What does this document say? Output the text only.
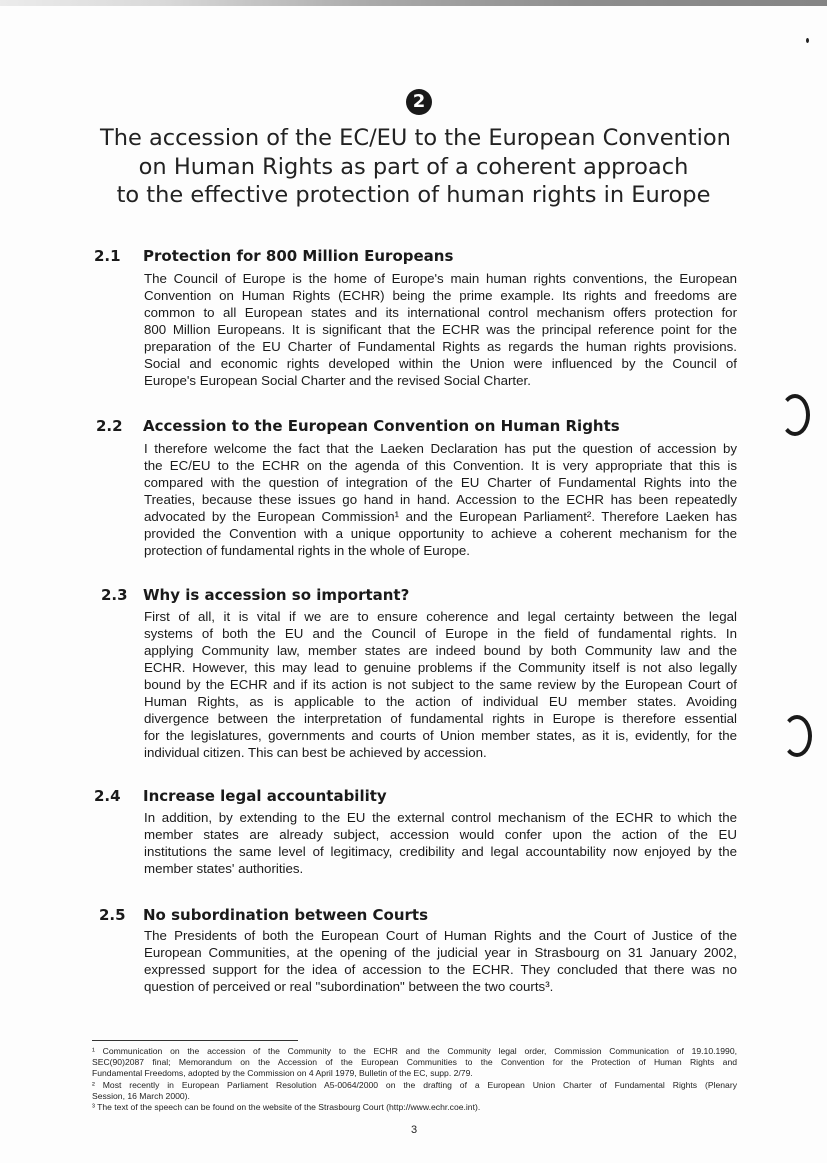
2
The accession of the EC/EU to the European Convention
on Human Rights as part of a coherent approach
to the effective protection of human rights in Europe
2.1 Protection for 800 Million Europeans
The Council of Europe is the home of Europe's main human rights conventions, the European
Convention on Human Rights (ECHR) being the prime example. Its rights and freedoms are
common to all European states and its international control mechanism offers protection for
800 Million Europeans. It is significant that the ECHR was the principal reference point for the
preparation of the EU Charter of Fundamental Rights as regards the human rights provisions.
Social and economic rights developed within the Union were influenced by the Council of
Europe's European Social Charter and the revised Social Charter.
2.2 Accession to the European Convention on Human Rights
I therefore welcome the fact that the Laeken Declaration has put the question of accession by
the EC/EU to the ECHR on the agenda of this Convention. It is very appropriate that this is
compared with the question of integration of the EU Charter of Fundamental Rights into the
Treaties, because these issues go hand in hand. Accession to the ECHR has been repeatedly
advocated by the European Commission¹ and the European Parliament². Therefore Laeken has
provided the Convention with a unique opportunity to achieve a coherent mechanism for the
protection of fundamental rights in the whole of Europe.
2.3 Why is accession so important?
First of all, it is vital if we are to ensure coherence and legal certainty between the legal
systems of both the EU and the Council of Europe in the field of fundamental rights. In
applying Community law, member states are indeed bound by both Community law and the
ECHR. However, this may lead to genuine problems if the Community itself is not also legally
bound by the ECHR and if its action is not subject to the same review by the European Court of
Human Rights, as is applicable to the action of individual EU member states. Avoiding
divergence between the interpretation of fundamental rights in Europe is therefore essential
for the legislatures, governments and courts of Union member states, as it is, evidently, for the
individual citizen. This can best be achieved by accession.
2.4 Increase legal accountability
In addition, by extending to the EU the external control mechanism of the ECHR to which the
member states are already subject, accession would confer upon the action of the EU
institutions the same level of legitimacy, credibility and legal accountability now enjoyed by the
member states' authorities.
2.5 No subordination between Courts
The Presidents of both the European Court of Human Rights and the Court of Justice of the
European Communities, at the opening of the judicial year in Strasbourg on 31 January 2002,
expressed support for the idea of accession to the ECHR. They concluded that there was no
question of perceived or real "subordination" between the two courts³.
¹ Communication on the accession of the Community to the ECHR and the Community legal order, Commission Communication of 19.10.1990,
SEC(90)2087 final; Memorandum on the Accession of the European Communities to the Convention for the Protection of Human Rights and
Fundamental Freedoms, adopted by the Commission on 4 April 1979, Bulletin of the EC, supp. 2/79.
² Most recently in European Parliament Resolution A5-0064/2000 on the drafting of a European Union Charter of Fundamental Rights (Plenary
Session, 16 March 2000).
³ The text of the speech can be found on the website of the Strasbourg Court (http://www.echr.coe.int).
3
